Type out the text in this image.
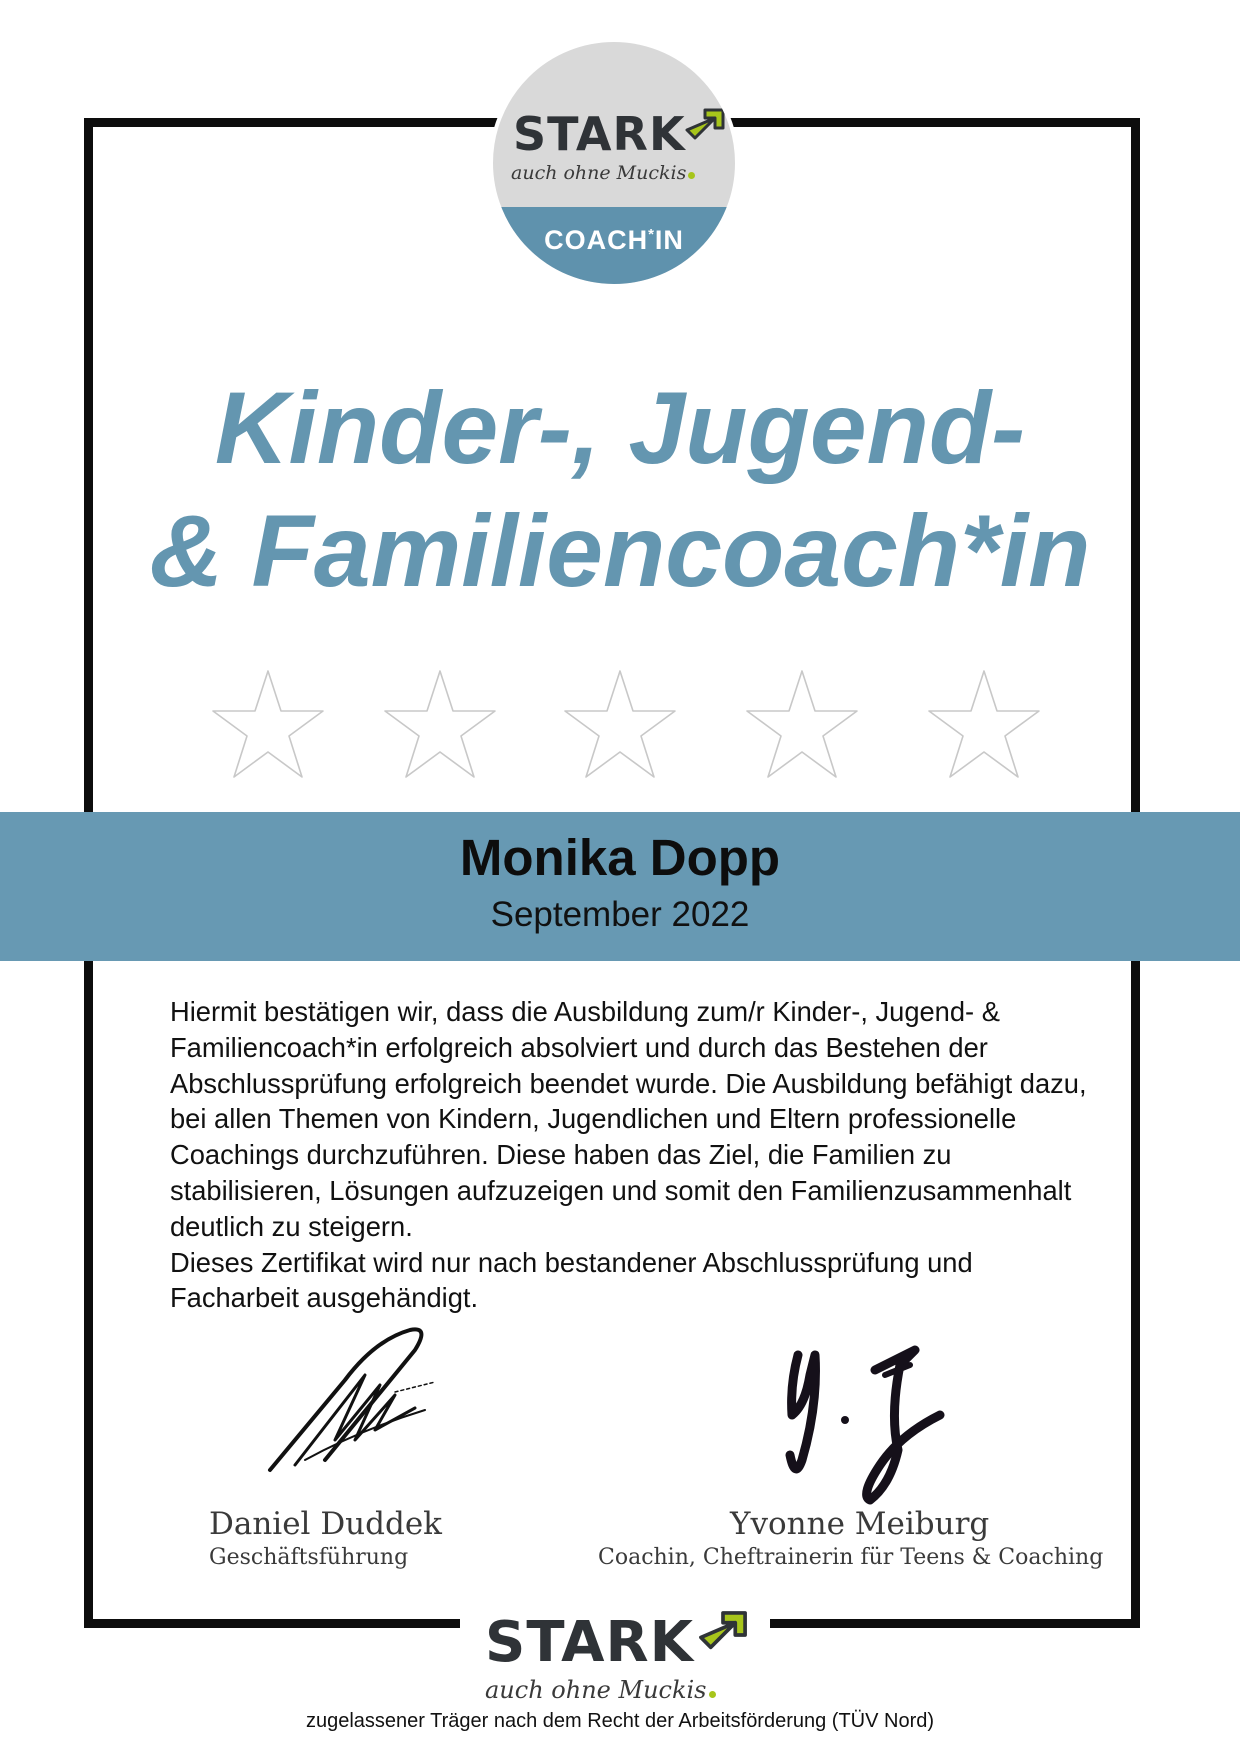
STARK
auch ohne Muckis
COACH*IN
Kinder-, Jugend-
& Familiencoach*in
Monika Dopp
September 2022

Hiermit bestätigen wir, dass die Ausbildung zum/r Kinder-, Jugend- & Familiencoach*in erfolgreich absolviert und durch das Bestehen der Abschlussprüfung erfolgreich beendet wurde. Die Ausbildung befähigt dazu, bei allen Themen von Kindern, Jugendlichen und Eltern professionelle Coachings durchzuführen. Diese haben das Ziel, die Familien zu stabilisieren, Lösungen aufzuzeigen und somit den Familienzusammenhalt deutlich zu steigern.

Dieses Zertifikat wird nur nach bestandener Abschlussprüfung und Facharbeit ausgehändigt.

Daniel Duddek
Geschäftsführung
Yvonne Meiburg
Coachin, Cheftrainerin für Teens & Coaching
STARK
auch ohne Muckis
zugelassener Träger nach dem Recht der Arbeitsförderung (TÜV Nord)
